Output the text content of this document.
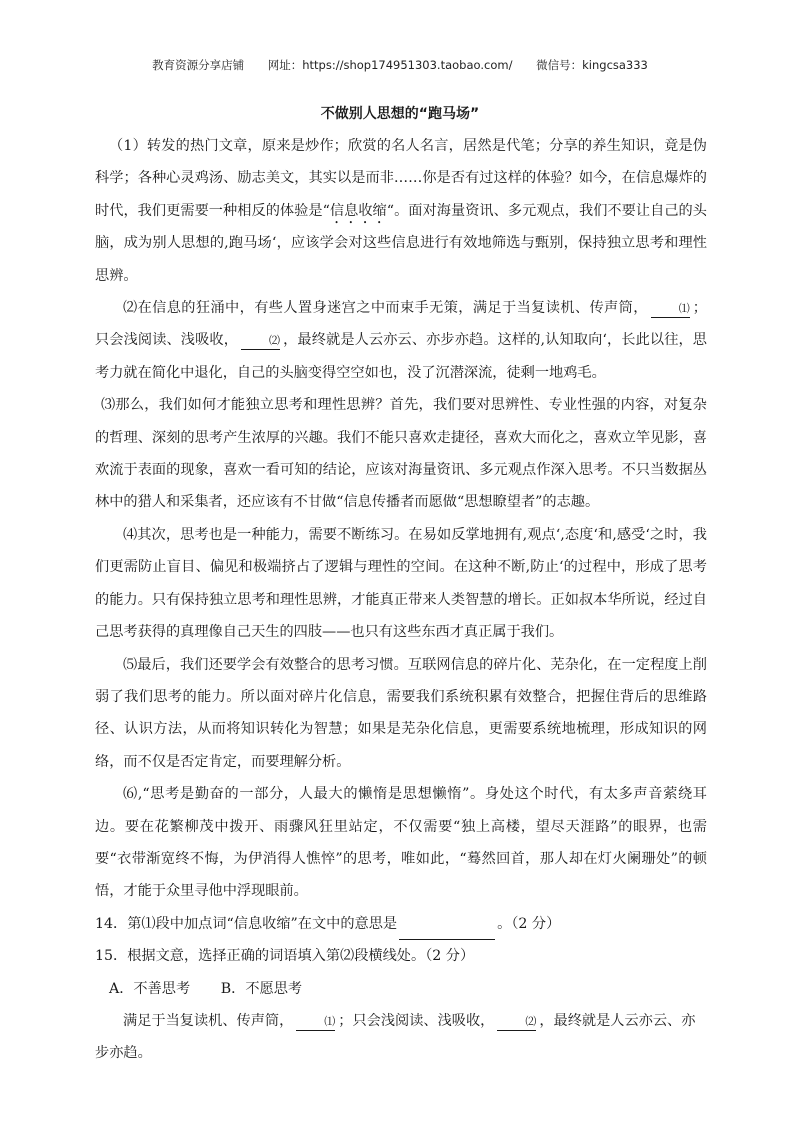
教育资源分享店铺 网址：https://shop174951303.taobao.com/ 微信号：kingcsa333
不做别人思想的“跑马场”

（1）转发的热门文章，原来是炒作；欣赏的名人名言，居然是代笔；分享的养生知识，竟是伪科学；各种心灵鸡汤、励志美文，其实以是而非……你是否有过这样的体验？如今，在信息爆炸的时代，我们更需要一种相反的体验是“信息收缩“。面对海量资讯、多元观点，我们不要让自己的头脑，成为别人思想的,跑马场‘，应该学会对这些信息进行有效地筛选与甄别，保持独立思考和理性思辨。

⑵在信息的狂涌中，有些人置身迷宫之中而束手无策，满足于当复读机、传声筒，	⑴ ；只会浅阅读、浅吸收，	⑵ ，最终就是人云亦云、亦步亦趋。这样的,认知取向‘，长此以往，思考力就在简化中退化，自己的头脑变得空空如也，没了沉潜深流，徒剩一地鸡毛。

⑶那么，我们如何才能独立思考和理性思辨？首先，我们要对思辨性、专业性强的内容，对复杂的哲理、深刻的思考产生浓厚的兴趣。我们不能只喜欢走捷径，喜欢大而化之，喜欢立竿见影，喜欢流于表面的现象，喜欢一看可知的结论，应该对海量资讯、多元观点作深入思考。不只当数据丛林中的猎人和采集者，还应该有不甘做“信息传播者而愿做“思想瞭望者”的志趣。

⑷其次，思考也是一种能力，需要不断练习。在易如反掌地拥有,观点‘,态度‘和,感受‘之时，我们更需防止盲目、偏见和极端挤占了逻辑与理性的空间。在这种不断,防止‘的过程中，形成了思考的能力。只有保持独立思考和理性思辨，才能真正带来人类智慧的增长。正如叔本华所说，经过自己思考获得的真理像自己天生的四肢——也只有这些东西才真正属于我们。

⑸最后，我们还要学会有效整合的思考习惯。互联网信息的碎片化、芜杂化，在一定程度上削弱了我们思考的能力。所以面对碎片化信息，需要我们系统积累有效整合，把握住背后的思维路径、认识方法，从而将知识转化为智慧；如果是芜杂化信息，更需要系统地梳理，形成知识的网络，而不仅是否定肯定，而要理解分析。

⑹,“思考是勤奋的一部分，人最大的懒惰是思想懒惰”。身处这个时代，有太多声音萦绕耳边。要在花繁柳茂中拨开、雨骤风狂里站定，不仅需要“独上高楼，望尽天涯路”的眼界，也需要“衣带渐宽终不悔，为伊消得人憔悴”的思考，唯如此，“蓦然回首，那人却在灯火阑珊处”的顿悟，才能于众里寻他中浮现眼前。

14．第⑴段中加点词“信息收缩”在文中的意思是	。（2 分）

15．根据文意，选择正确的词语填入第⑵段横线处。（2 分）

A．不善思考 B．不愿思考

满足于当复读机、传声筒，	⑴ ；只会浅阅读、浅吸收，	⑵ ，最终就是人云亦云、亦步亦趋。
